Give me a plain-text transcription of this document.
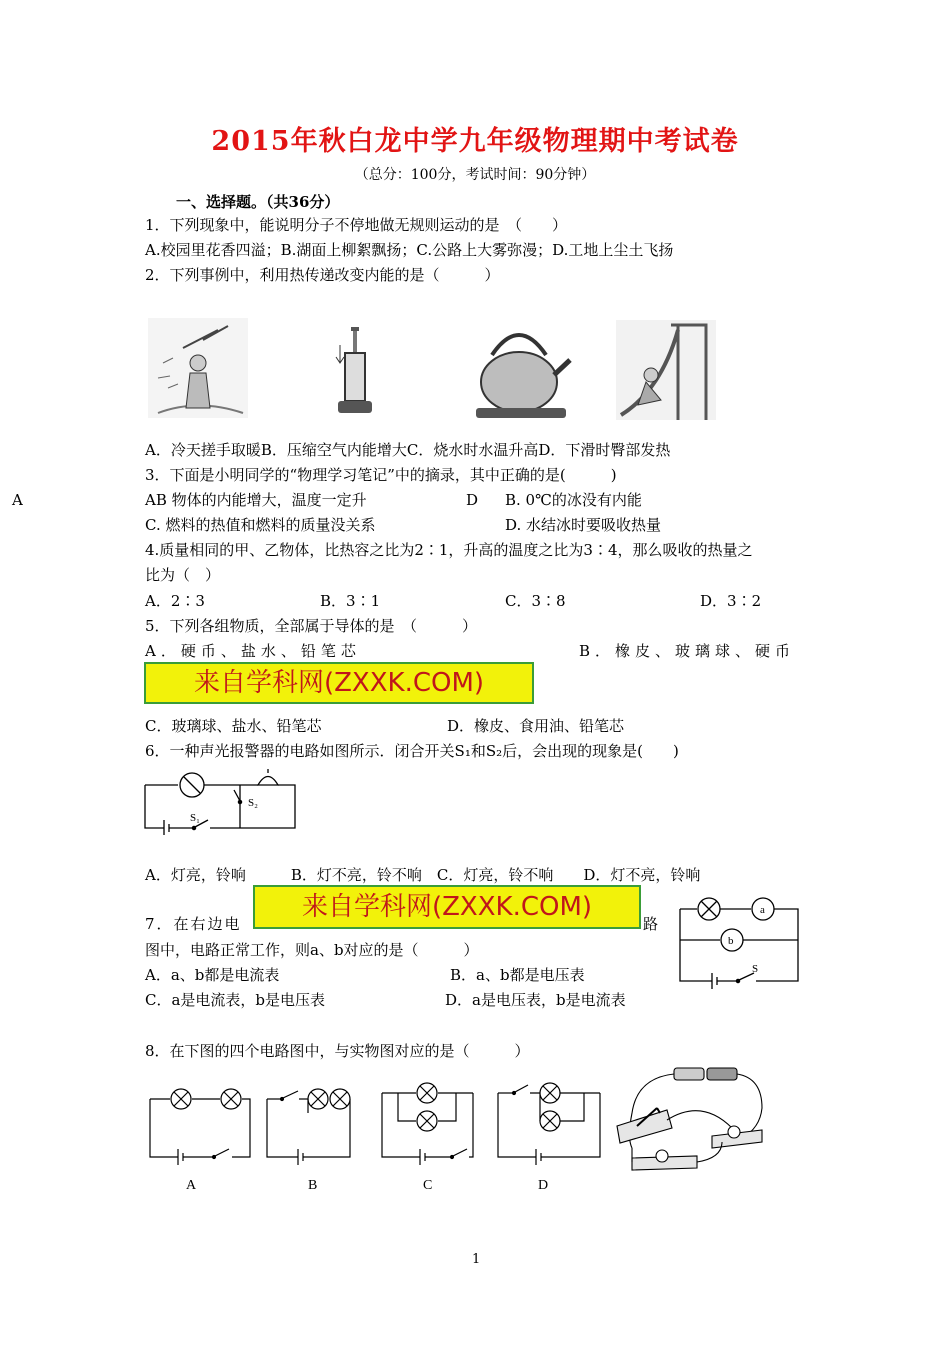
2015年秋白龙中学九年级物理期中考试卷
（总分：100分，考试时间：90分钟）
一、选择题。（共36分）
1．下列现象中，能说明分子不停地做无规则运动的是　（　　）
A.校园里花香四溢；B.湖面上柳絮飘扬；C.公路上大雾弥漫；D.工地上尘土飞扬
2．下列事例中，利用热传递改变内能的是（　　　）
A．冷天搓手取暖B．压缩空气内能增大C．烧水时水温升高D．下滑时臀部发热
3．下面是小明同学的“物理学习笔记”中的摘录，其中正确的是(　　　)
A	AB 物体的内能增大，温度一定升	D B. 0℃的冰没有内能
C. 燃料的热值和燃料的质量没关系	D. 水结冰时要吸收热量
4.质量相同的甲、乙物体，比热容之比为2∶1，升高的温度之比为3∶4，那么吸收的热量之
比为（　）
A．2∶3	B．3∶1	C．3∶8	D．3∶2
5．下列各组物质，全部属于导体的是　（　　　）
A．硬币、盐水、铅笔芯	B．橡皮、玻璃球、硬币
来自学科网(ZXXK.COM)
C．玻璃球、盐水、铅笔芯	D．橡皮、食用油、铅笔芯
6．一种声光报警器的电路如图所示．闭合开关S₁和S₂后，会出现的现象是(　　)
S₁
S₂
A．灯亮，铃响　　　B．灯不亮，铃不响　C．灯亮，铃不响　　D．灯不亮，铃响
来自学科网(ZXXK.COM)
7．在右边电	路
图中，电路正常工作，则a、b对应的是（　　　）
A．a、b都是电流表	B．a、b都是电压表
C．a是电流表，b是电压表	D．a是电压表，b是电流表
a
b
S
8．在下图的四个电路图中，与实物图对应的是（　　　）
A	B	C	D
1
